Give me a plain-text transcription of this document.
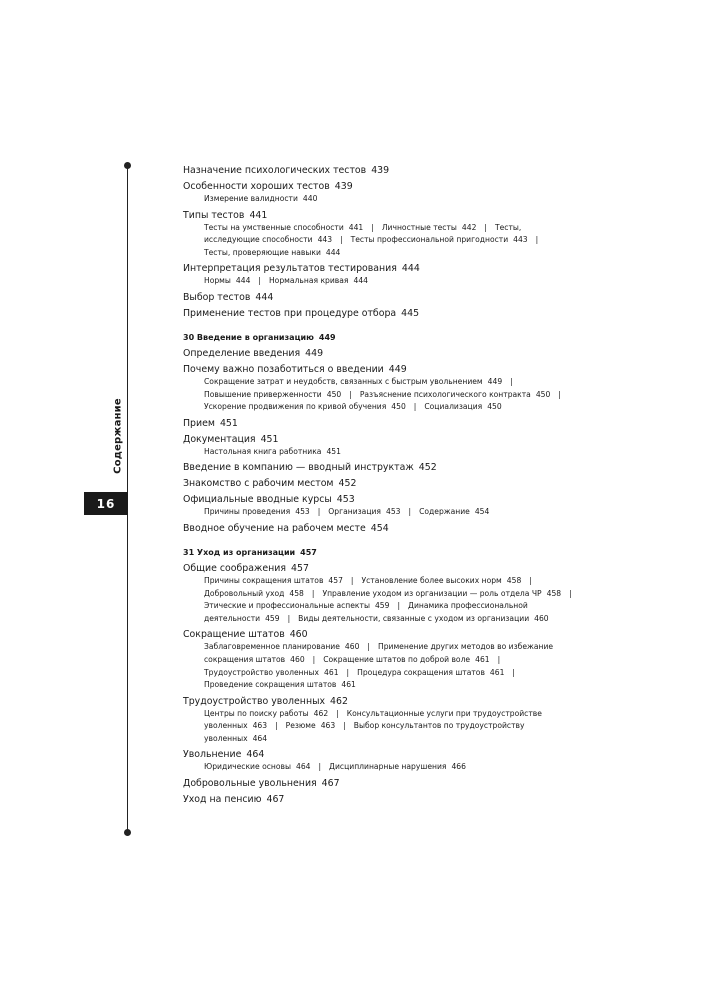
Содержание
16
Назначение психологических тестов 439
Особенности хороших тестов 439
Измерение валидности 440
Типы тестов 441
Тесты на умственные способности 441 | Личностные тесты 442 | Тесты,
исследующие способности 443 | Тесты профессиональной пригодности 443 |
Тесты, проверяющие навыки 444
Интерпретация результатов тестирования 444
Нормы 444 | Нормальная кривая 444
Выбор тестов 444
Применение тестов при процедуре отбора 445
30 Введение в организацию 449
Определение введения 449
Почему важно позаботиться о введении 449
Сокращение затрат и неудобств, связанных с быстрым увольнением 449 |
Повышение приверженности 450 | Разъяснение психологического контракта 450 |
Ускорение продвижения по кривой обучения 450 | Социализация 450
Прием 451
Документация 451
Настольная книга работника 451
Введение в компанию — вводный инструктаж 452
Знакомство с рабочим местом 452
Официальные вводные курсы 453
Причины проведения 453 | Организация 453 | Содержание 454
Вводное обучение на рабочем месте 454
31 Уход из организации 457
Общие соображения 457
Причины сокращения штатов 457 | Установление более высоких норм 458 |
Добровольный уход 458 | Управление уходом из организации — роль отдела ЧР 458 |
Этические и профессиональные аспекты 459 | Динамика профессиональной
деятельности 459 | Виды деятельности, связанные с уходом из организации 460
Сокращение штатов 460
Заблаговременное планирование 460 | Применение других методов во избежание
сокращения штатов 460 | Сокращение штатов по доброй воле 461 |
Трудоустройство уволенных 461 | Процедура сокращения штатов 461 |
Проведение сокращения штатов 461
Трудоустройство уволенных 462
Центры по поиску работы 462 | Консультационные услуги при трудоустройстве
уволенных 463 | Резюме 463 | Выбор консультантов по трудоустройству
уволенных 464
Увольнение 464
Юридические основы 464 | Дисциплинарные нарушения 466
Добровольные увольнения 467
Уход на пенсию 467
